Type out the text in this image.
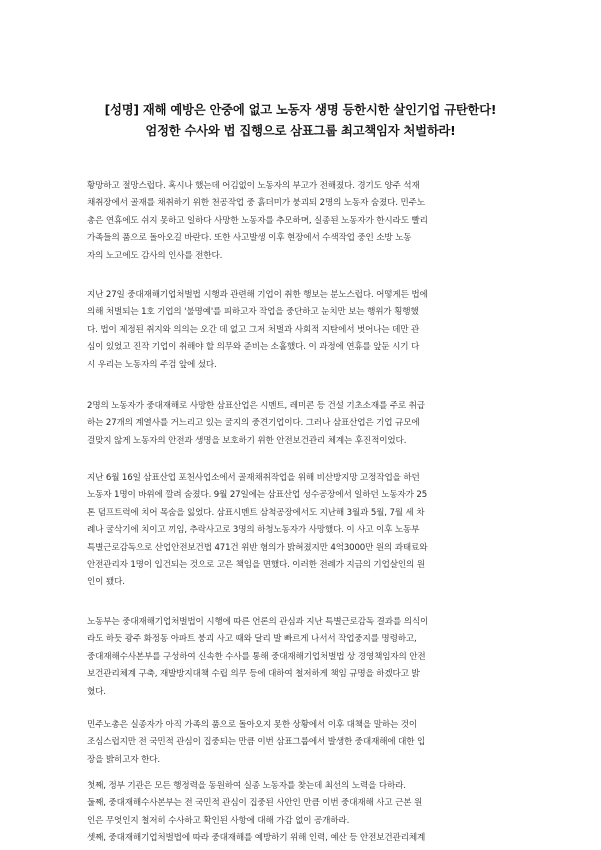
[성명] 재해 예방은 안중에 없고 노동자 생명 등한시한 살인기업 규탄한다!
엄정한 수사와 법 집행으로 삼표그룹 최고책임자 처벌하라!
황망하고 절망스럽다. 혹시나 했는데 어김없이 노동자의 부고가 전해졌다. 경기도 양주 석재
채취장에서 골재를 채취하기 위한 천공작업 중 흙더미가 붕괴되 2명의 노동자 숨졌다. 민주노
총은 연휴에도 쉬지 못하고 일하다 사망한 노동자를 추모하며, 실종된 노동자가 한시라도 빨리
가족들의 품으로 돌아오길 바란다. 또한 사고발생 이후 현장에서 수색작업 중인 소방 노동
자의 노고에도 감사의 인사를 전한다.
지난 27일 중대재해기업처벌법 시행과 관련해 기업이 취한 행보는 분노스럽다. 어떻게든 법에
의해 처벌되는 1호 기업의 '불명예'를 피하고자 작업을 중단하고 눈치만 보는 행위가 횡행했
다. 법이 제정된 취지와 의의는 오간 데 없고 그저 처벌과 사회적 지탄에서 벗어나는 데만 관
심이 있었고 진작 기업이 취해야 할 의무와 준비는 소홀했다. 이 과정에 연휴를 앞둔 시기 다
시 우리는 노동자의 주검 앞에 섰다.
2명의 노동자가 중대재해로 사망한 삼표산업은 시멘트, 레미콘 등 건설 기초소재를 주로 취급
하는 27개의 계열사를 거느리고 있는 굴지의 중견기업이다. 그러나 삼표산업은 기업 규모에
걸맞지 않게 노동자의 안전과 생명을 보호하기 위한 안전보건관리 체계는 후진적이었다.
지난 6월 16일 삼표산업 포천사업소에서 골재채취작업을 위해 비산방지망 고정작업을 하던
노동자 1명이 바위에 깔려 숨졌다. 9월 27일에는 삼표산업 성수공장에서 일하던 노동자가 25
톤 덤프트럭에 치어 목숨을 잃었다. 삼표시멘트 삼척공장에서도 지난해 3월과 5월, 7월 세 차
례나 굴삭기에 치이고 끼임, 추락사고로 3명의 하청노동자가 사망했다. 이 사고 이후 노동부
특별근로감독으로 산업안전보건법 471건 위반 혐의가 밝혀졌지만 4억3000만 원의 과태료와
안전관리자 1명이 입건되는 것으로 고은 책임을 면했다. 이러한 전례가 지금의 기업살인의 원
인이 됐다.
노동부는 중대재해기업처벌법이 시행에 따른 언론의 관심과 지난 특별근로감독 결과를 의식이
라도 하듯 광주 화정동 아파트 붕괴 사고 때와 달리 발 빠르게 나서서 작업중지를 명령하고,
중대재해수사본부를 구성하여 신속한 수사를 통해 중대재해기업처벌법 상 경영책임자의 안전
보건관리체계 구축, 재발방지대책 수립 의무 등에 대하여 철저하게 책임 규명을 하겠다고 밝
혔다.
민주노총은 실종자가 아직 가족의 품으로 돌아오지 못한 상황에서 이후 대책을 말하는 것이
조심스럽지만 전 국민적 관심이 집중되는 만큼 이번 삼표그룹에서 발생한 중대재해에 대한 입
장을 밝히고자 한다.
첫째, 정부 기관은 모든 행정력을 동원하여 실종 노동자를 찾는데 최선의 노력을 다하라.
둘째, 중대재해수사본부는 전 국민적 관심이 집중된 사안인 만큼 이번 중대재해 사고 근본 원
인은 무엇인지 철저히 수사하고 확인된 사항에 대해 가감 없이 공개하라.
셋째, 중대재해기업처벌법에 따라 중대재해를 예방하기 위해 인력, 예산 등 안전보건관리체계
